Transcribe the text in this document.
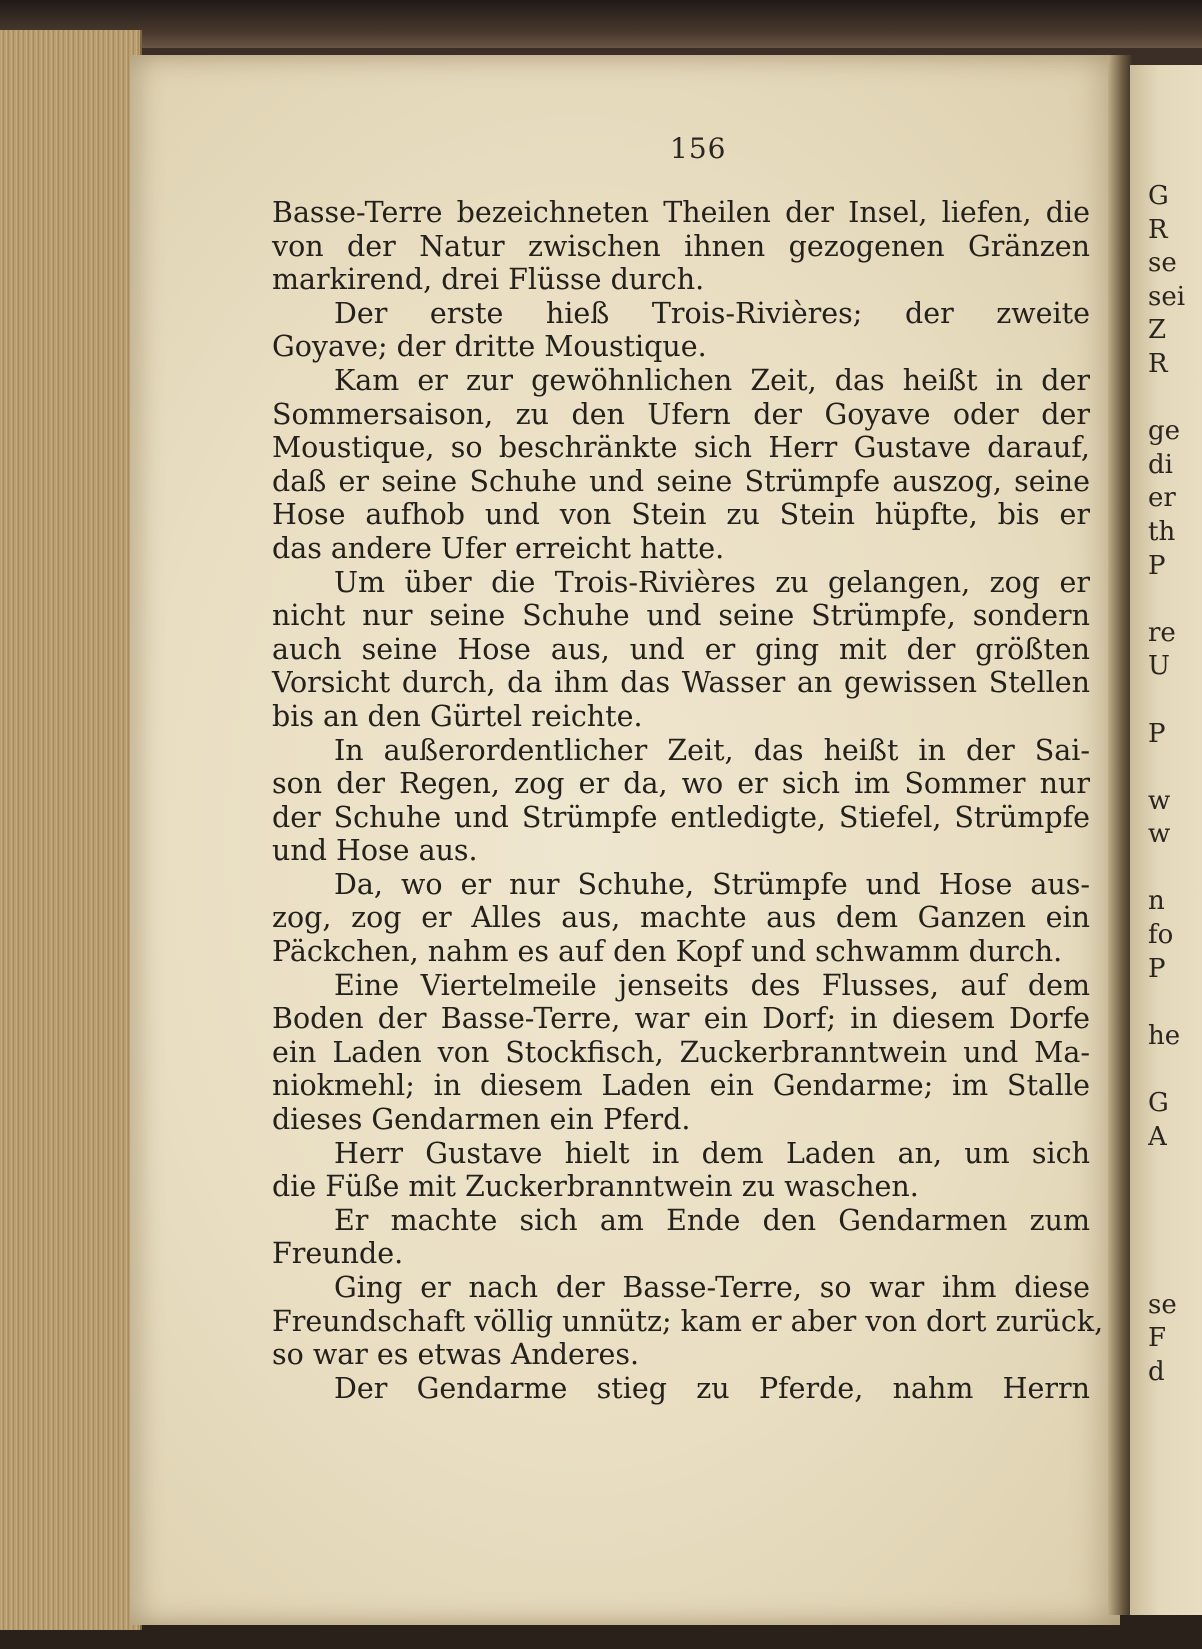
156
Basse-Terre bezeichneten Theilen der Insel, liefen, die
von der Natur zwischen ihnen gezogenen Gränzen
markirend, drei Flüsse durch.
Der erste hieß Trois-Rivières; der zweite
Goyave; der dritte Moustique.
Kam er zur gewöhnlichen Zeit, das heißt in der
Sommersaison, zu den Ufern der Goyave oder der
Moustique, so beschränkte sich Herr Gustave darauf,
daß er seine Schuhe und seine Strümpfe auszog, seine
Hose aufhob und von Stein zu Stein hüpfte, bis er
das andere Ufer erreicht hatte.
Um über die Trois-Rivières zu gelangen, zog er
nicht nur seine Schuhe und seine Strümpfe, sondern
auch seine Hose aus, und er ging mit der größten
Vorsicht durch, da ihm das Wasser an gewissen Stellen
bis an den Gürtel reichte.
In außerordentlicher Zeit, das heißt in der Sai-
son der Regen, zog er da, wo er sich im Sommer nur
der Schuhe und Strümpfe entledigte, Stiefel, Strümpfe
und Hose aus.
Da, wo er nur Schuhe, Strümpfe und Hose aus-
zog, zog er Alles aus, machte aus dem Ganzen ein
Päckchen, nahm es auf den Kopf und schwamm durch.
Eine Viertelmeile jenseits des Flusses, auf dem
Boden der Basse-Terre, war ein Dorf; in diesem Dorfe
ein Laden von Stockfisch, Zuckerbranntwein und Ma-
niokmehl; in diesem Laden ein Gendarme; im Stalle
dieses Gendarmen ein Pferd.
Herr Gustave hielt in dem Laden an, um sich
die Füße mit Zuckerbranntwein zu waschen.
Er machte sich am Ende den Gendarmen zum
Freunde.
Ging er nach der Basse-Terre, so war ihm diese
Freundschaft völlig unnütz; kam er aber von dort zurück,
so war es etwas Anderes.
Der Gendarme stieg zu Pferde, nahm Herrn
G
R
se
sei
Z
R
ge
di
er
th
P
re
U
P
w
w
n
fo
P
he
G
A
se
F
d
